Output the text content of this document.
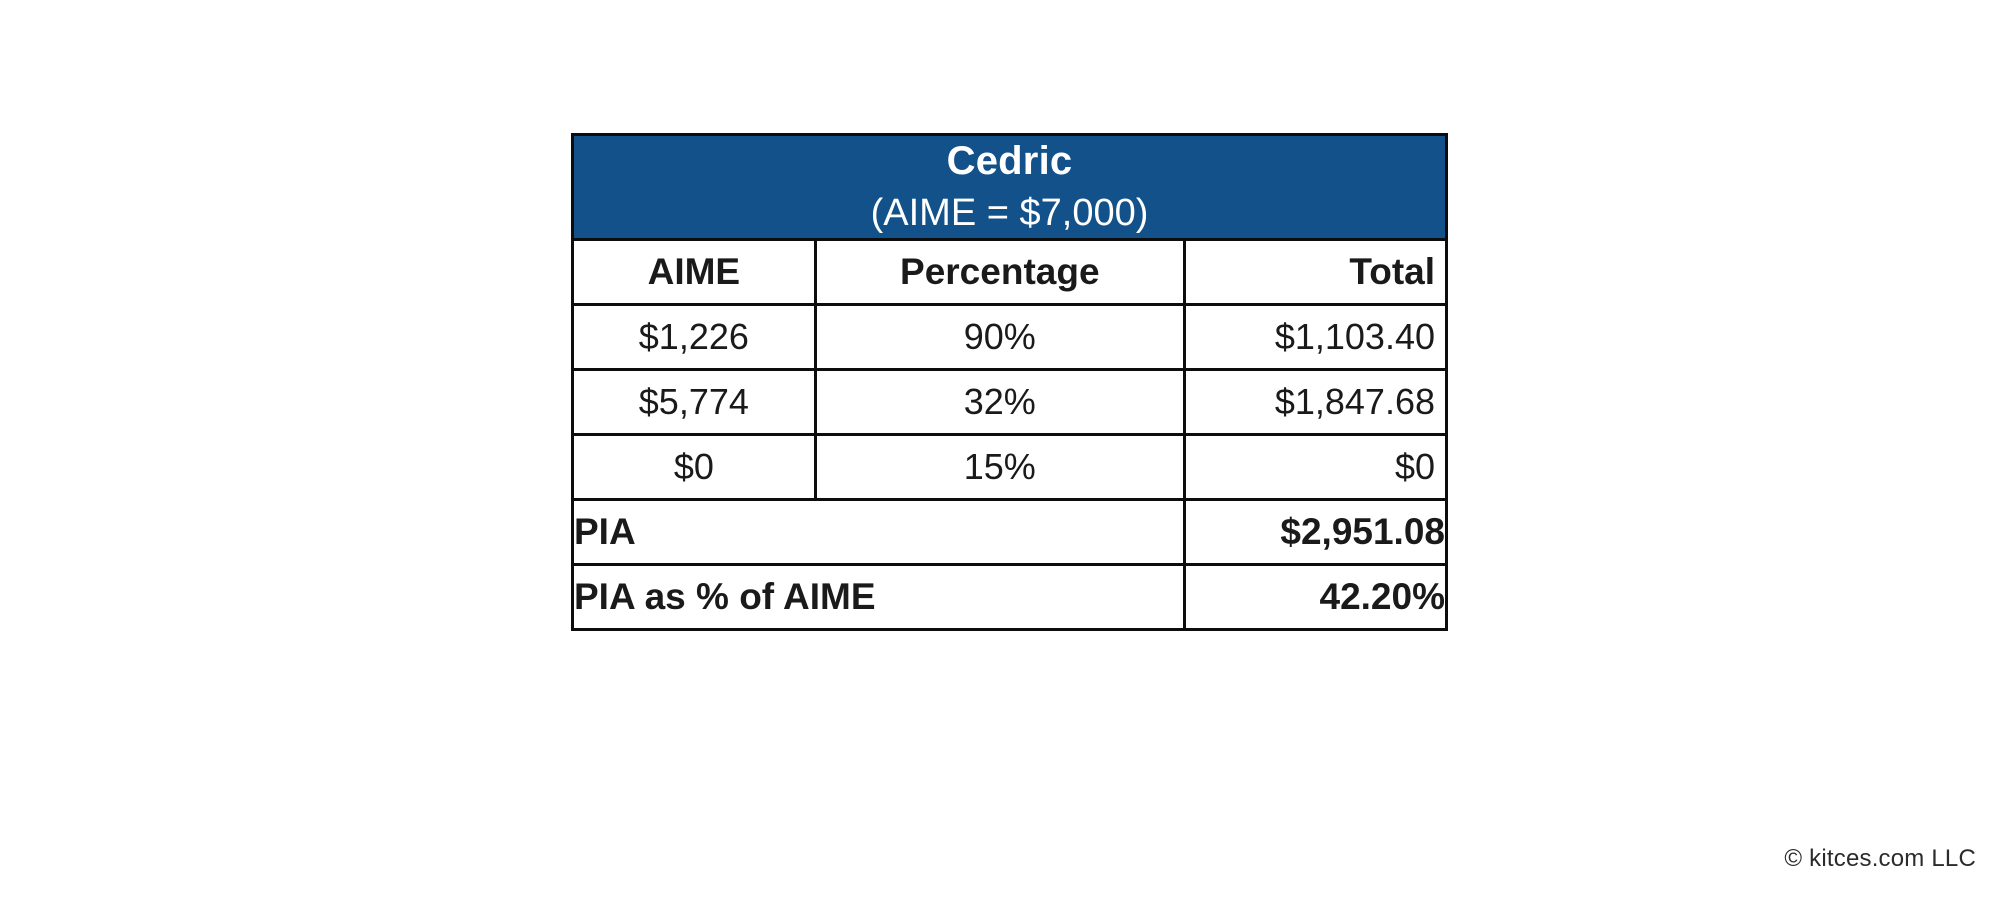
Cedric
(AIME = $7,000)		

AIME	Percentage	Total
$1,226	90%	$1,103.40
$5,774	32%	$1,847.68
$0	15%	$0
PIA		$2,951.08
PIA as % of AIME		42.20%
© kitces.com LLC
